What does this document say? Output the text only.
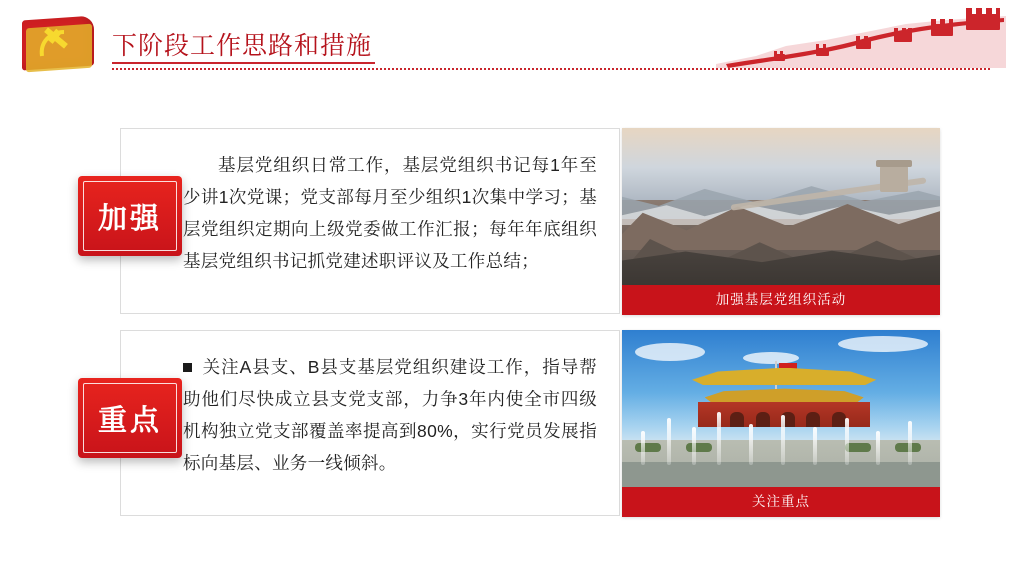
下阶段工作思路和措施
基层党组织日常工作，基层党组织书记每1年至少讲1次党课；党支部每月至少组织1次集中学习；基层党组织定期向上级党委做工作汇报；每年年底组织基层党组织书记抓党建述职评议及工作总结；
加强
加强基层党组织活动
关注A县支、B县支基层党组织建设工作，指导帮助他们尽快成立县支党支部，力争3年内使全市四级机构独立党支部覆盖率提高到80%，实行党员发展指标向基层、业务一线倾斜。
重点
关注重点
